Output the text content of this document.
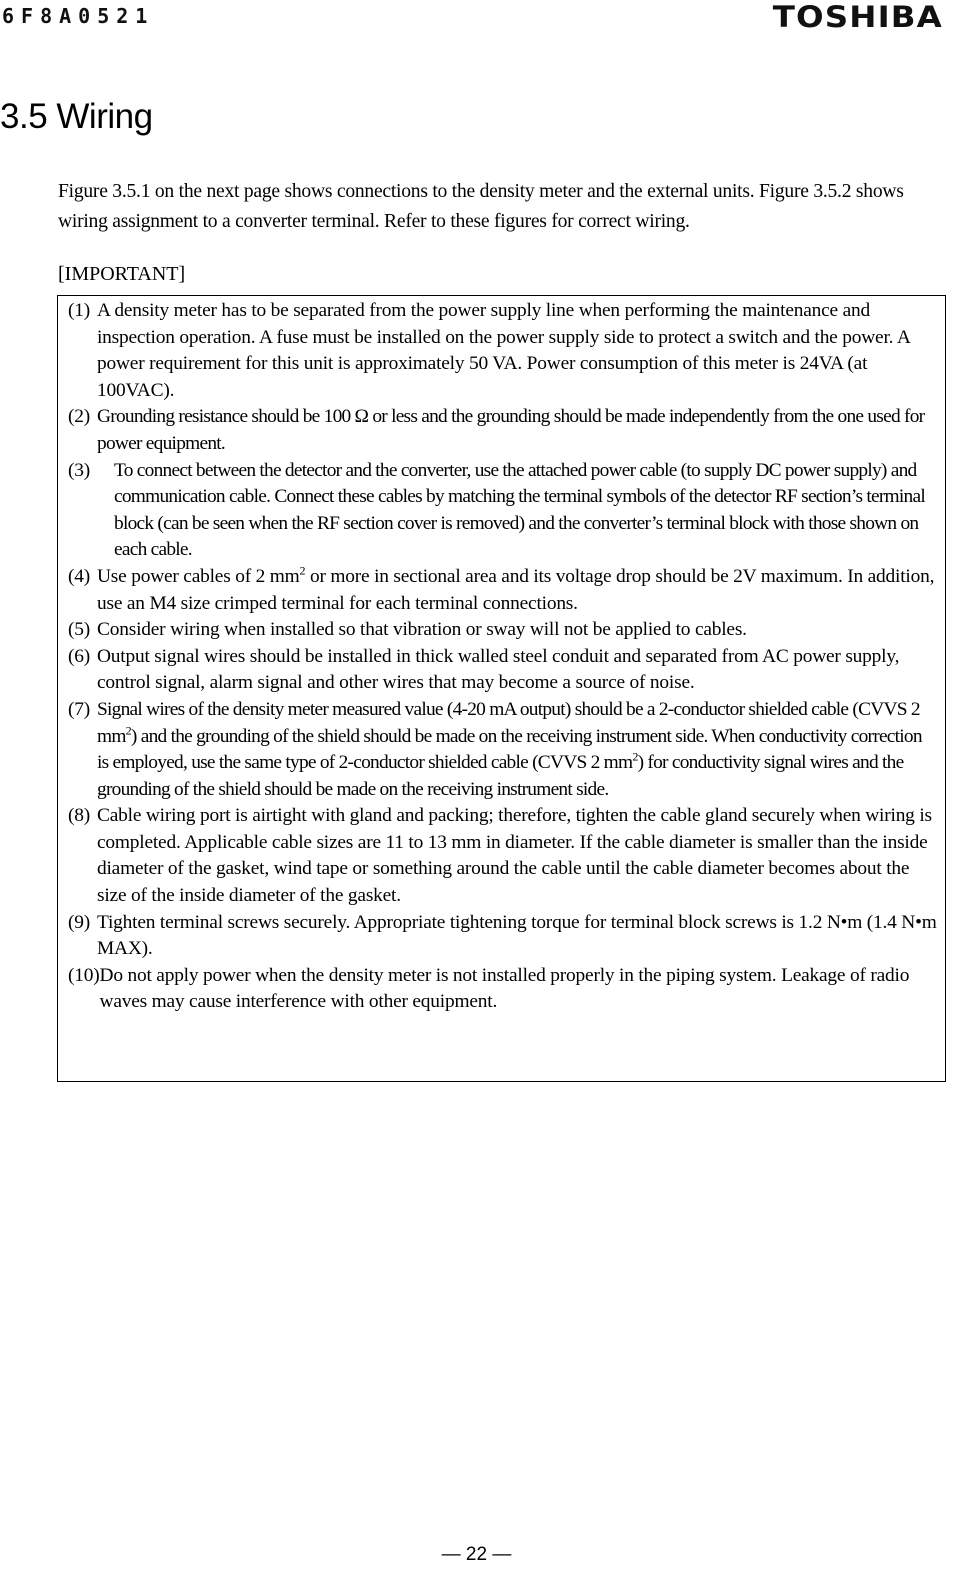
6F8A0521	TOSHIBA
3.5 Wiring

Figure 3.5.1 on the next page shows connections to the density meter and the external units. Figure 3.5.2 shows wiring assignment to a converter terminal. Refer to these figures for correct wiring.

[IMPORTANT]

(1) A density meter has to be separated from the power supply line when performing the maintenance and inspection operation. A fuse must be installed on the power supply side to protect a switch and the power. A power requirement for this unit is approximately 50 VA. Power consumption of this meter is 24VA (at 100VAC).
(2) Grounding resistance should be 100 Ω or less and the grounding should be made independently from the one used for power equipment.
(3)	To connect between the detector and the converter, use the attached power cable (to supply DC power supply) and communication cable. Connect these cables by matching the terminal symbols of the detector RF section’s terminal block (can be seen when the RF section cover is removed) and the converter’s terminal block with those shown on each cable.
(4) Use power cables of 2 $mm^2$ or more in sectional area and its voltage drop should be 2V maximum. In addition, use an M4 size crimped terminal for each terminal connections.
(5) Consider wiring when installed so that vibration or sway will not be applied to cables.
(6) Output signal wires should be installed in thick walled steel conduit and separated from AC power supply, control signal, alarm signal and other wires that may become a source of noise.
(7) Signal wires of the density meter measured value (4-20 mA output) should be a 2-conductor shielded cable (CVVS 2 $mm^2$) and the grounding of the shield should be made on the receiving instrument side. When conductivity correction is employed, use the same type of 2-conductor shielded cable (CVVS 2 $mm^2$) for conductivity signal wires and the grounding of the shield should be made on the receiving instrument side.
(8) Cable wiring port is airtight with gland and packing; therefore, tighten the cable gland securely when wiring is completed. Applicable cable sizes are 11 to 13 mm in diameter. If the cable diameter is smaller than the inside diameter of the gasket, wind tape or something around the cable until the cable diameter becomes about the size of the inside diameter of the gasket.
(9) Tighten terminal screws securely. Appropriate tightening torque for terminal block screws is 1.2 N•m (1.4 N•m MAX).
(10) Do not apply power when the density meter is not installed properly in the piping system. Leakage of radio waves may cause interference with other equipment.
— 22 —
